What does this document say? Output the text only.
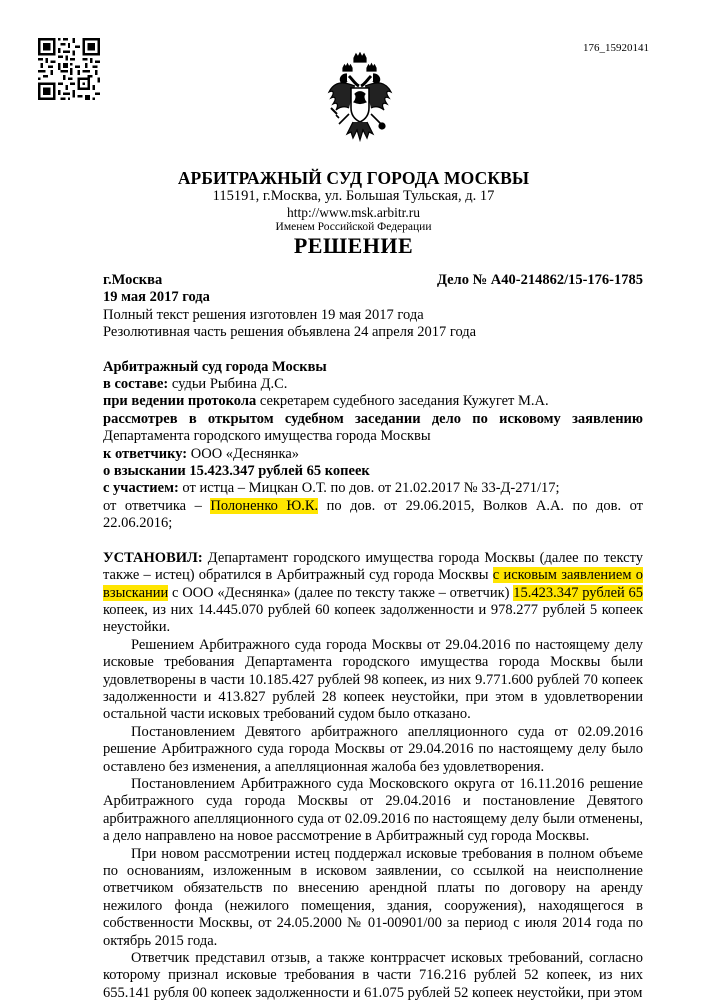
176_15920141
АРБИТРАЖНЫЙ СУД ГОРОДА МОСКВЫ
115191, г.Москва, ул. Большая Тульская, д. 17
http://www.msk.arbitr.ru
Именем Российской Федерации
РЕШЕНИЕ
г.Москва	Дело № А40-214862/15-176-1785

19 мая 2017 года

Полный текст решения изготовлен 19 мая 2017 года

Резолютивная часть решения объявлена 24 апреля 2017 года

Арбитражный суд города Москвы

в составе: судьи Рыбина Д.С.

при ведении протокола секретарем судебного заседания Кужугет М.А.

рассмотрев в открытом судебном заседании дело по исковому заявлению

Департамента городского имущества города Москвы

к ответчику: ООО «Деснянка»

о взыскании 15.423.347 рублей 65 копеек

с участием: от истца – Мицкан О.Т. по дов. от 21.02.2017 № 33-Д-271/17;

от ответчика – Полоненко Ю.К. по дов. от 29.06.2015, Волков А.А. по дов. от 22.06.2016;

УСТАНОВИЛ: Департамент городского имущества города Москвы (далее по тексту также – истец) обратился в Арбитражный суд города Москвы с исковым заявлением о взыскании с ООО «Деснянка» (далее по тексту также – ответчик) 15.423.347 рублей 65 копеек, из них 14.445.070 рублей 60 копеек задолженности и 978.277 рублей 5 копеек неустойки.

Решением Арбитражного суда города Москвы от 29.04.2016 по настоящему делу исковые требования Департамента городского имущества города Москвы были удовлетворены в части 10.185.427 рублей 98 копеек, из них 9.771.600 рублей 70 копеек задолженности и 413.827 рублей 28 копеек неустойки, при этом в удовлетворении остальной части исковых требований судом было отказано.

Постановлением Девятого арбитражного апелляционного суда от 02.09.2016 решение Арбитражного суда города Москвы от 29.04.2016 по настоящему делу было оставлено без изменения, а апелляционная жалоба без удовлетворения.

Постановлением Арбитражного суда Московского округа от 16.11.2016 решение Арбитражного суда города Москвы от 29.04.2016 и постановление Девятого арбитражного апелляционного суда от 02.09.2016 по настоящему делу были отменены, а дело направлено на новое рассмотрение в Арбитражный суд города Москвы.

При новом рассмотрении истец поддержал исковые требования в полном объеме по основаниям, изложенным в исковом заявлении, со ссылкой на неисполнение ответчиком обязательств по внесению арендной платы по договору на аренду нежилого фонда (нежилого помещения, здания, сооружения), находящегося в собственности Москвы, от 24.05.2000 № 01-00901/00 за период с июля 2014 года по октябрь 2015 года.

Ответчик представил отзыв, а также контррасчет исковых требований, согласно которому признал исковые требования в части 716.216 рублей 52 копеек, из них 655.141 рубля 00 копеек задолженности и 61.075 рублей 52 копеек неустойки, при этом
